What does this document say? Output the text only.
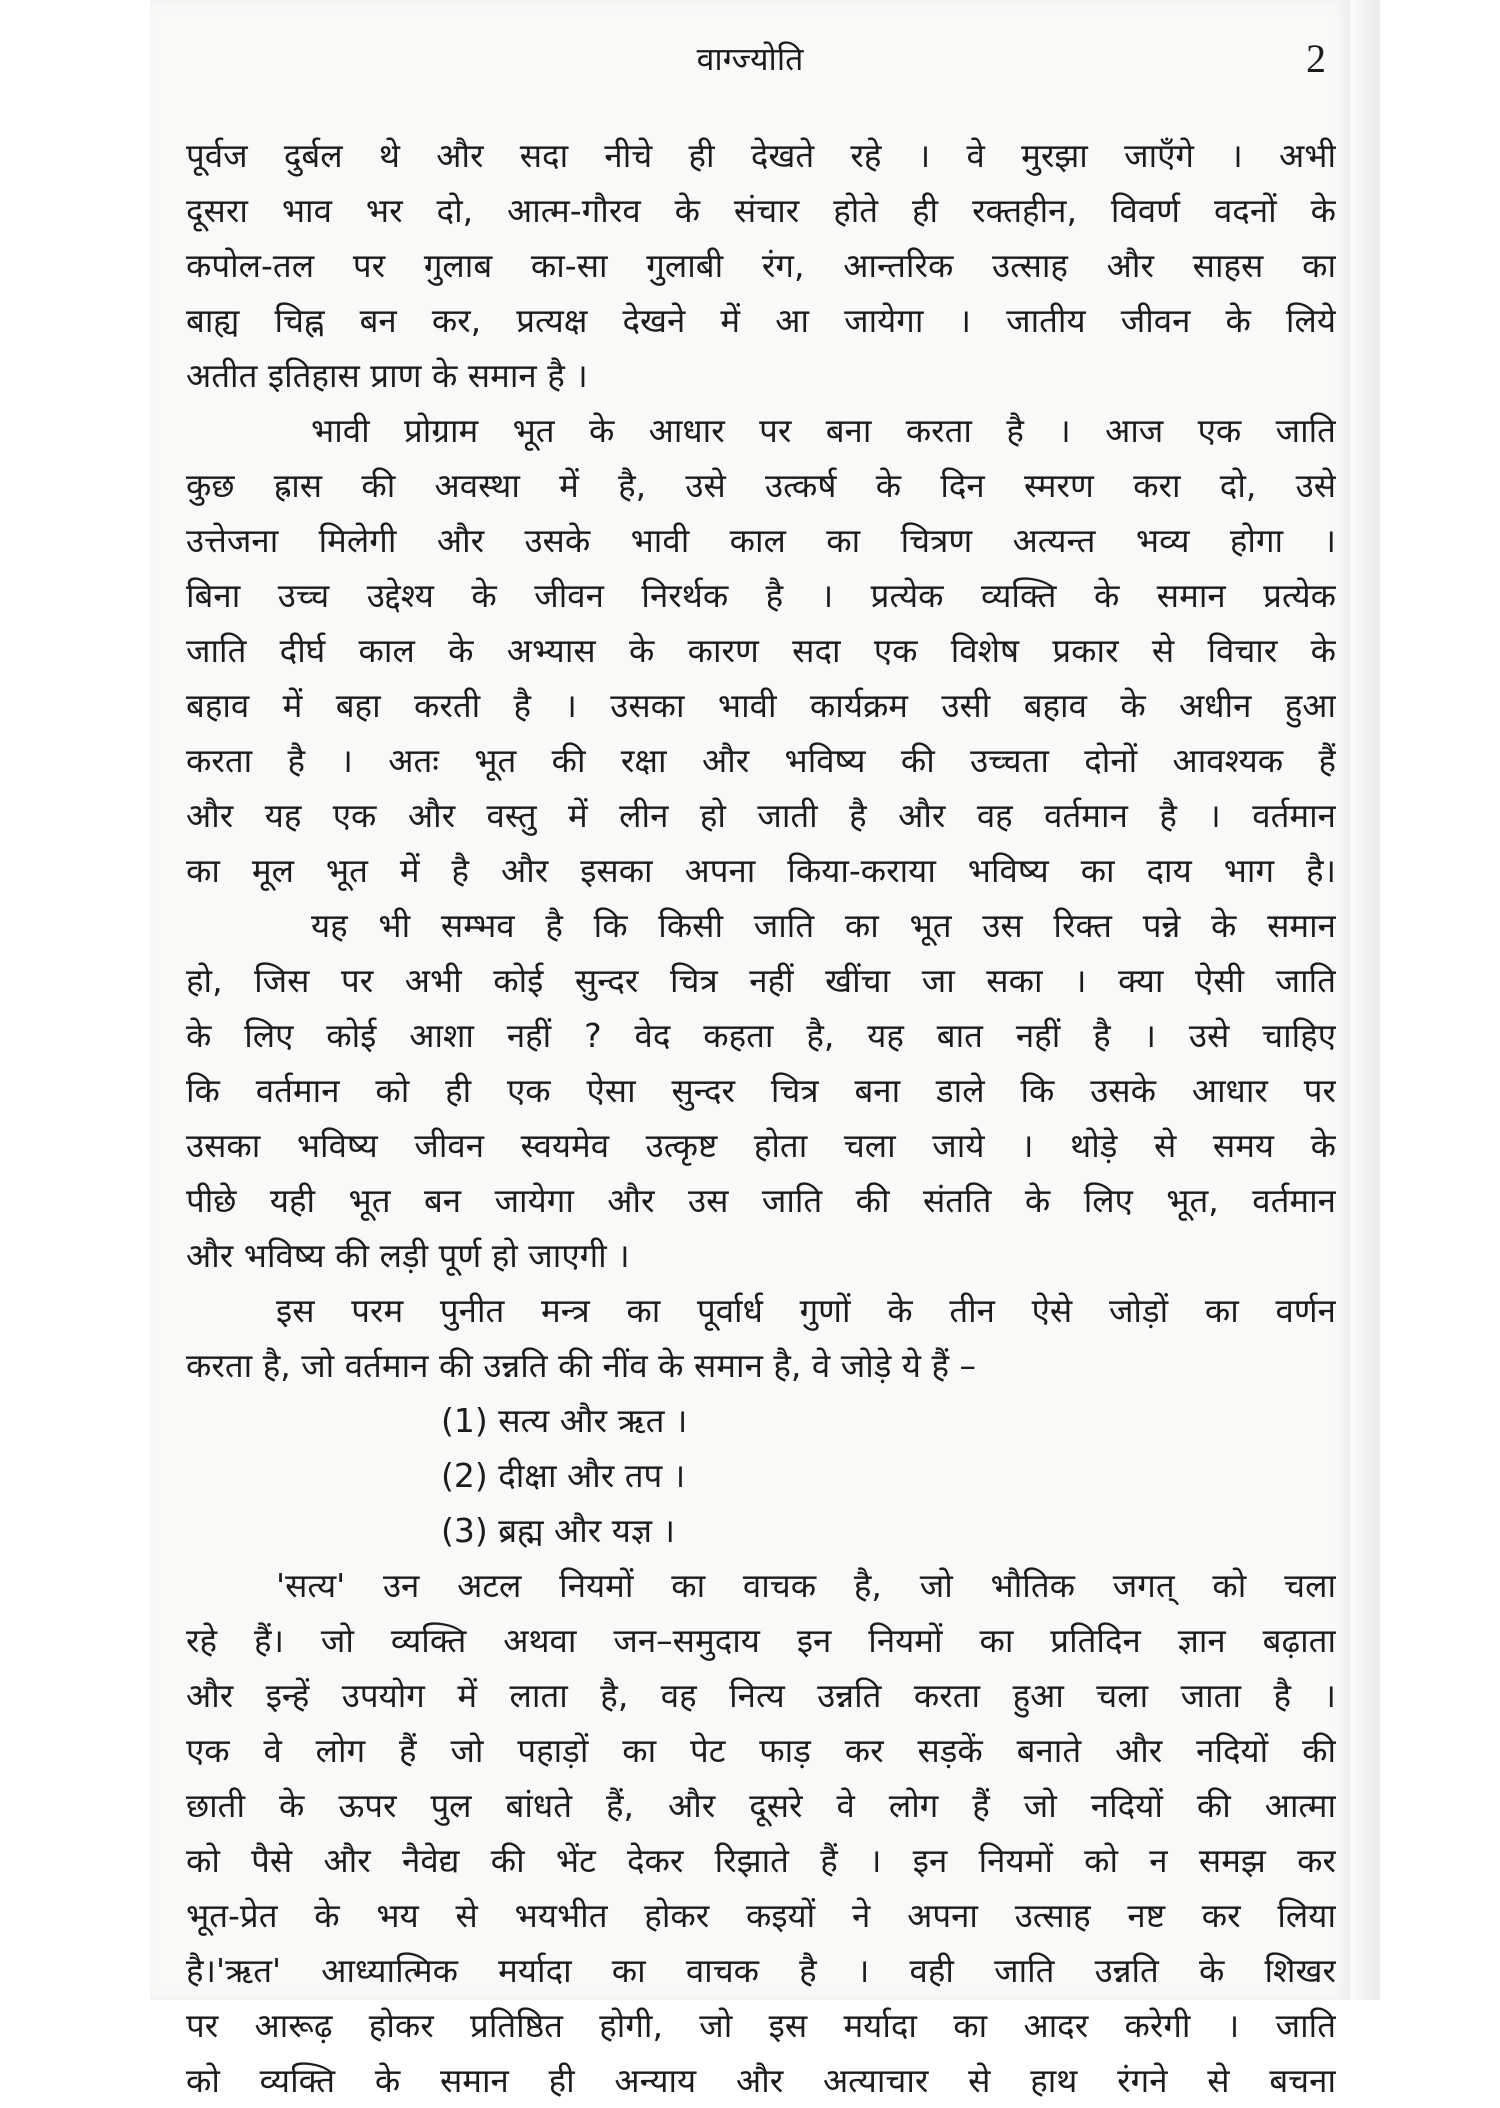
वाग्ज्योति	2
पूर्वज दुर्बल थे और सदा नीचे ही देखते रहे । वे मुरझा जाएँगे । अभी
दूसरा भाव भर दो, आत्म-गौरव के संचार होते ही रक्तहीन, विवर्ण वदनों के
कपोल-तल पर गुलाब का-सा गुलाबी रंग, आन्तरिक उत्साह और साहस का
बाह्य चिह्न बन कर, प्रत्यक्ष देखने में आ जायेगा । जातीय जीवन के लिये
अतीत इतिहास प्राण के समान है ।
भावी प्रोग्राम भूत के आधार पर बना करता है । आज एक जाति
कुछ ह्रास की अवस्था में है, उसे उत्कर्ष के दिन स्मरण करा दो, उसे
उत्तेजना मिलेगी और उसके भावी काल का चित्रण अत्यन्त भव्य होगा ।
बिना उच्च उद्देश्य के जीवन निरर्थक है । प्रत्येक व्यक्ति के समान प्रत्येक
जाति दीर्घ काल के अभ्यास के कारण सदा एक विशेष प्रकार से विचार के
बहाव में बहा करती है । उसका भावी कार्यक्रम उसी बहाव के अधीन हुआ
करता है । अतः भूत की रक्षा और भविष्य की उच्चता दोनों आवश्यक हैं
और यह एक और वस्तु में लीन हो जाती है और वह वर्तमान है । वर्तमान
का मूल भूत में है और इसका अपना किया-कराया भविष्य का दाय भाग है।
यह भी सम्भव है कि किसी जाति का भूत उस रिक्त पन्ने के समान
हो, जिस पर अभी कोई सुन्दर चित्र नहीं खींचा जा सका । क्या ऐसी जाति
के लिए कोई आशा नहीं ? वेद कहता है, यह बात नहीं है । उसे चाहिए
कि वर्तमान को ही एक ऐसा सुन्दर चित्र बना डाले कि उसके आधार पर
उसका भविष्य जीवन स्वयमेव उत्कृष्ट होता चला जाये । थोड़े से समय के
पीछे यही भूत बन जायेगा और उस जाति की संतति के लिए भूत, वर्तमान
और भविष्य की लड़ी पूर्ण हो जाएगी ।
इस परम पुनीत मन्त्र का पूर्वार्ध गुणों के तीन ऐसे जोड़ों का वर्णन
करता है, जो वर्तमान की उन्नति की नींव के समान है, वे जोड़े ये हैं –
(1) सत्य और ऋत ।
(2) दीक्षा और तप ।
(3) ब्रह्म और यज्ञ ।
'सत्य' उन अटल नियमों का वाचक है, जो भौतिक जगत् को चला
रहे हैं। जो व्यक्ति अथवा जन–समुदाय इन नियमों का प्रतिदिन ज्ञान बढ़ाता
और इन्हें उपयोग में लाता है, वह नित्य उन्नति करता हुआ चला जाता है ।
एक वे लोग हैं जो पहाड़ों का पेट फाड़ कर सड़कें बनाते और नदियों की
छाती के ऊपर पुल बांधते हैं, और दूसरे वे लोग हैं जो नदियों की आत्मा
को पैसे और नैवेद्य की भेंट देकर रिझाते हैं । इन नियमों को न समझ कर
भूत-प्रेत के भय से भयभीत होकर कइयों ने अपना उत्साह नष्ट कर लिया
है।'ऋत' आध्यात्मिक मर्यादा का वाचक है । वही जाति उन्नति के शिखर
पर आरूढ़ होकर प्रतिष्ठित होगी, जो इस मर्यादा का आदर करेगी । जाति
को व्यक्ति के समान ही अन्याय और अत्याचार से हाथ रंगने से बचना
